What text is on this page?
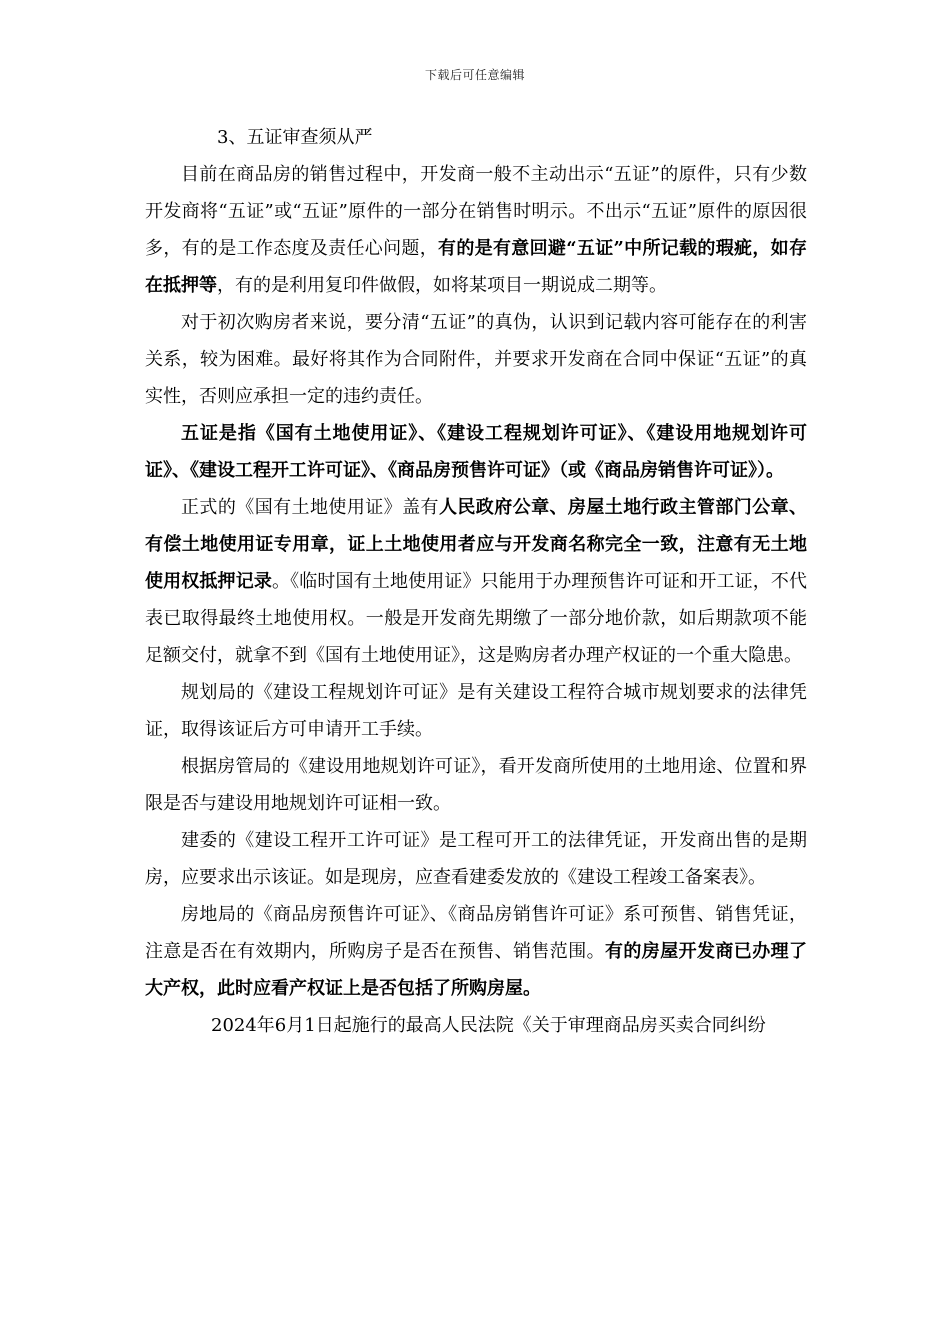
下载后可任意编辑

3、五证审查须从严

目前在商品房的销售过程中，开发商一般不主动出示“五证”的原件，只有少数开发商将“五证”或“五证”原件的一部分在销售时明示。不出示“五证”原件的原因很多，有的是工作态度及责任心问题，有的是有意回避“五证”中所记载的瑕疵，如存在抵押等，有的是利用复印件做假，如将某项目一期说成二期等。

对于初次购房者来说，要分清“五证”的真伪，认识到记载内容可能存在的利害关系，较为困难。最好将其作为合同附件，并要求开发商在合同中保证“五证”的真实性，否则应承担一定的违约责任。

五证是指《国有土地使用证》、《建设工程规划许可证》、《建设用地规划许可证》、《建设工程开工许可证》、《商品房预售许可证》（或《商品房销售许可证》）。

正式的《国有土地使用证》盖有人民政府公章、房屋土地行政主管部门公章、有偿土地使用证专用章，证上土地使用者应与开发商名称完全一致，注意有无土地使用权抵押记录。《临时国有土地使用证》只能用于办理预售许可证和开工证，不代表已取得最终土地使用权。一般是开发商先期缴了一部分地价款，如后期款项不能足额交付，就拿不到《国有土地使用证》，这是购房者办理产权证的一个重大隐患。

规划局的《建设工程规划许可证》是有关建设工程符合城市规划要求的法律凭证，取得该证后方可申请开工手续。

根据房管局的《建设用地规划许可证》，看开发商所使用的土地用途、位置和界限是否与建设用地规划许可证相一致。

建委的《建设工程开工许可证》是工程可开工的法律凭证，开发商出售的是期房，应要求出示该证。如是现房，应查看建委发放的《建设工程竣工备案表》。

房地局的《商品房预售许可证》、《商品房销售许可证》系可预售、销售凭证，注意是否在有效期内，所购房子是否在预售、销售范围。有的房屋开发商已办理了大产权，此时应看产权证上是否包括了所购房屋。

2024年6月1日起施行的最高人民法院《关于审理商品房买卖合同纠纷
